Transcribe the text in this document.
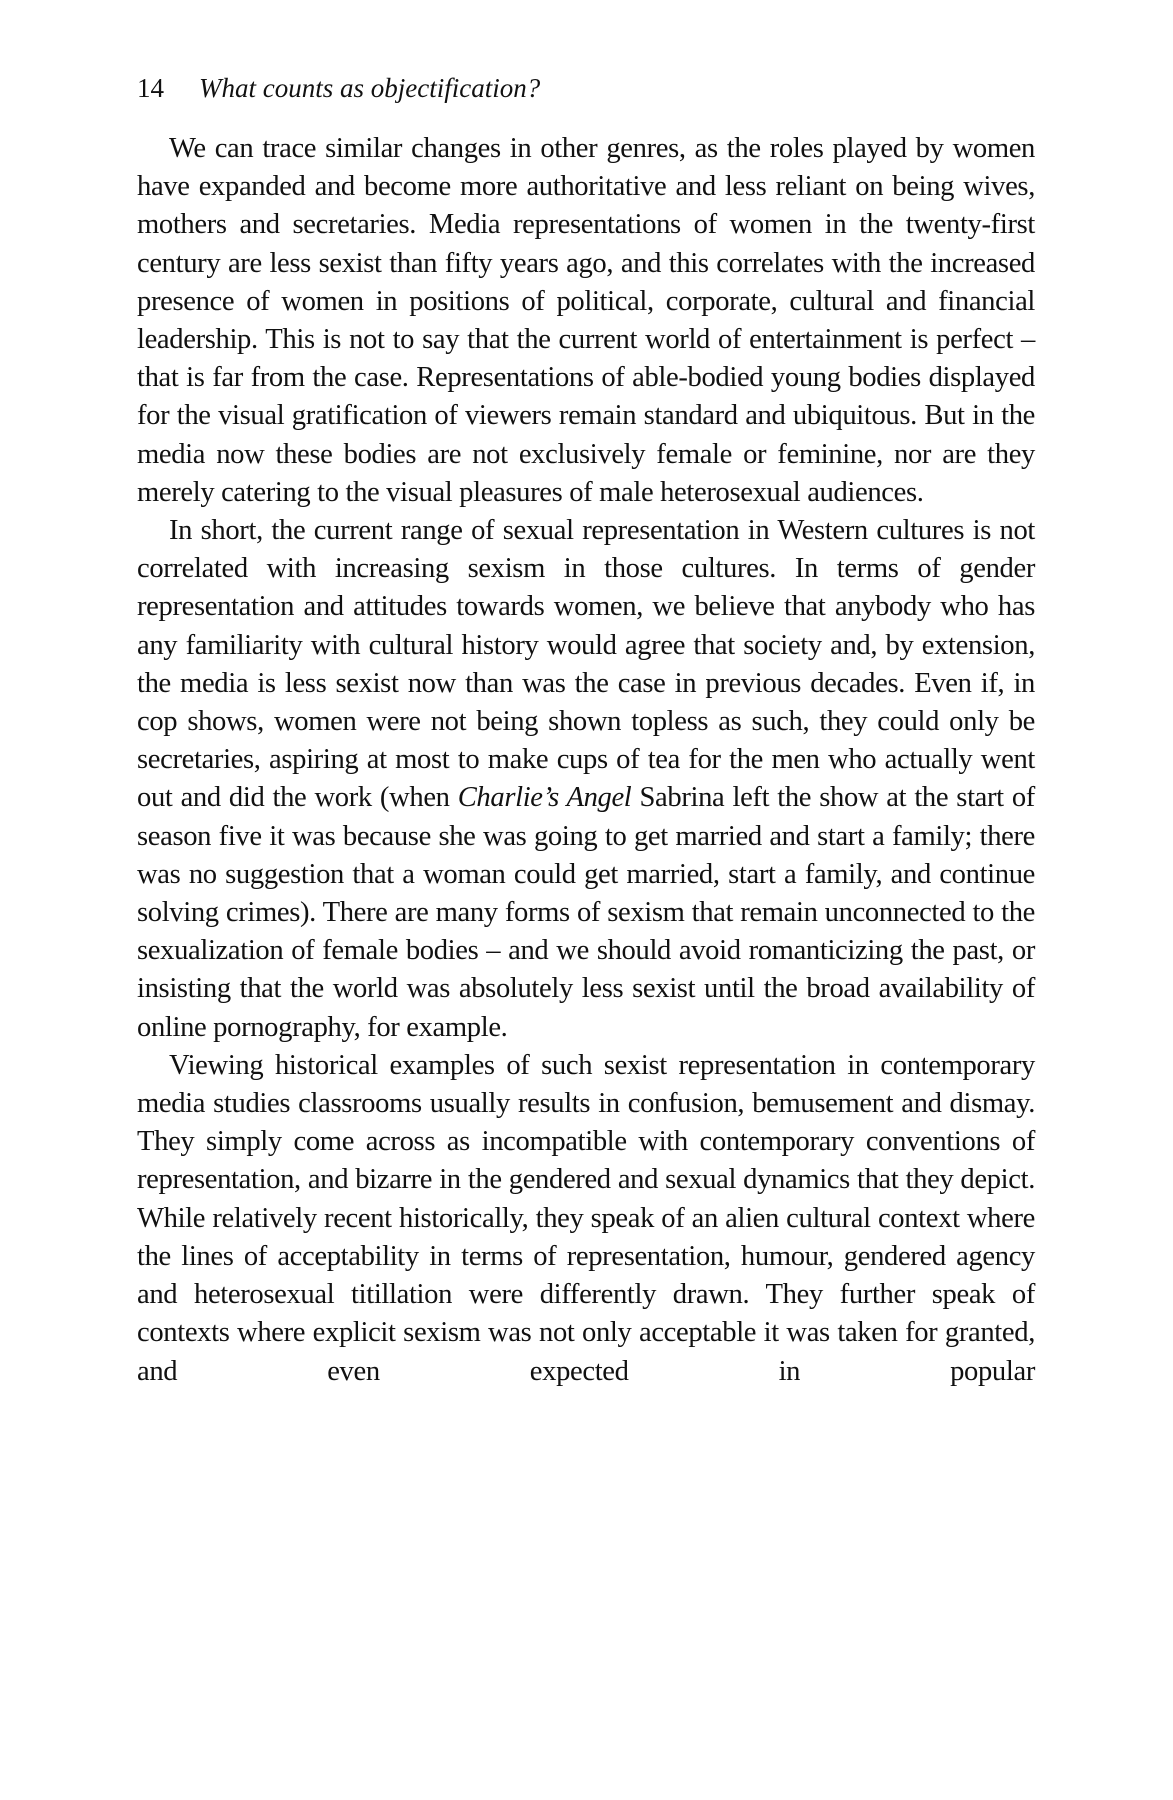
14 What counts as objectification?

We can trace similar changes in other genres, as the roles played by women have expanded and become more authoritative and less reliant on being wives, mothers and secretaries. Media representations of women in the twenty-first century are less sexist than fifty years ago, and this correlates with the increased presence of women in positions of political, corporate, cultural and financial leadership. This is not to say that the current world of entertainment is perfect – that is far from the case. Representations of able-bodied young bodies displayed for the visual gratification of viewers remain standard and ubiquitous. But in the media now these bodies are not exclusively female or feminine, nor are they merely catering to the visual pleasures of male heterosexual audiences.

In short, the current range of sexual representation in Western cultures is not correlated with increasing sexism in those cultures. In terms of gender representation and attitudes towards women, we believe that anybody who has any familiarity with cultural history would agree that society and, by extension, the media is less sexist now than was the case in previous decades. Even if, in cop shows, women were not being shown topless as such, they could only be secretaries, aspiring at most to make cups of tea for the men who actually went out and did the work (when Charlie’s Angel Sabrina left the show at the start of season five it was because she was going to get married and start a family; there was no suggestion that a woman could get married, start a family, and continue solving crimes). There are many forms of sexism that remain unconnected to the sexualization of female bodies – and we should avoid romanticizing the past, or insisting that the world was absolutely less sexist until the broad availability of online pornography, for example.

Viewing historical examples of such sexist representation in contemporary media studies classrooms usually results in confusion, bemusement and dismay. They simply come across as incompatible with contemporary conventions of representation, and bizarre in the gendered and sexual dynamics that they depict. While relatively recent historically, they speak of an alien cultural context where the lines of acceptability in terms of representation, humour, gendered agency and heterosexual titillation were differently drawn. They further speak of contexts where explicit sexism was not only acceptable it was taken for granted, and even expected in popular
